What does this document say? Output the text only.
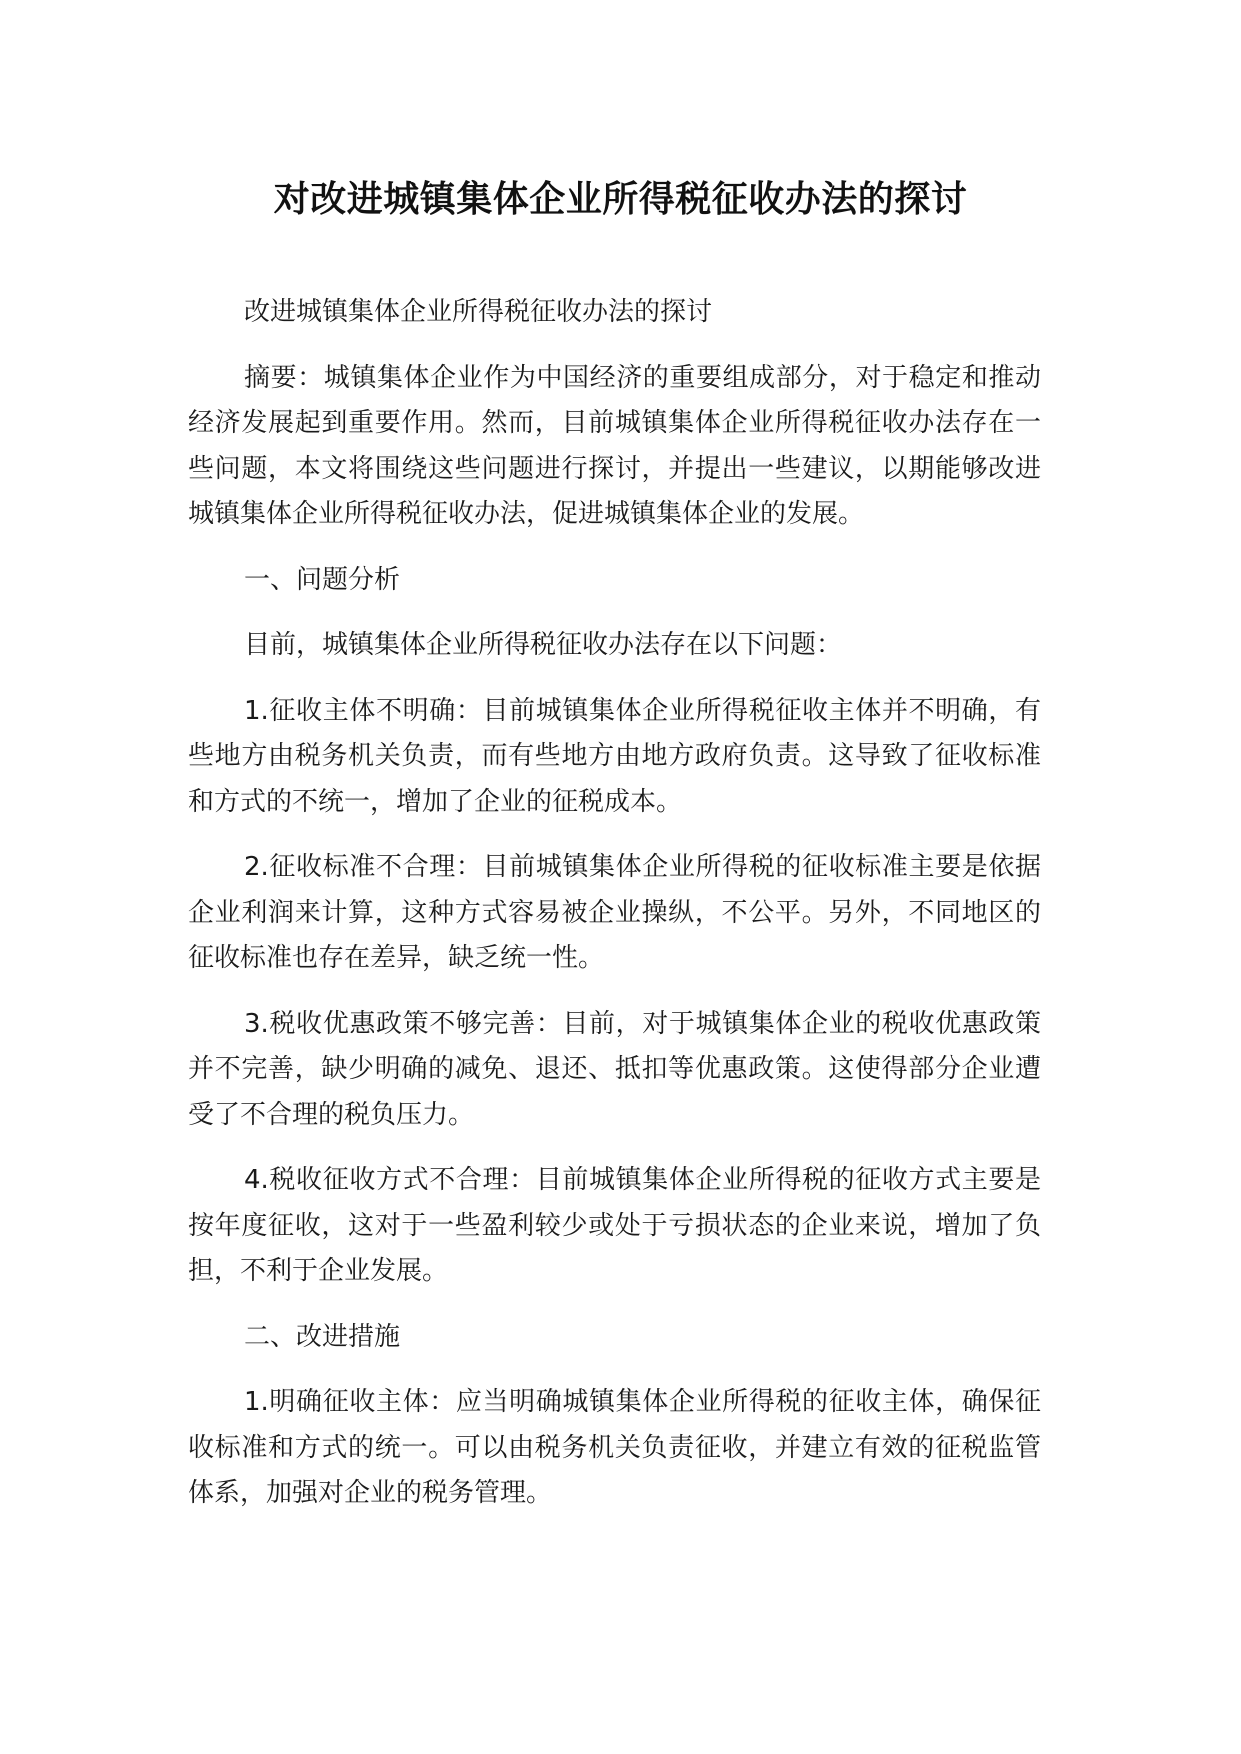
对改进城镇集体企业所得税征收办法的探讨

改进城镇集体企业所得税征收办法的探讨

摘要：城镇集体企业作为中国经济的重要组成部分，对于稳定和推动经济发展起到重要作用。然而，目前城镇集体企业所得税征收办法存在一些问题，本文将围绕这些问题进行探讨，并提出一些建议，以期能够改进城镇集体企业所得税征收办法，促进城镇集体企业的发展。

一、问题分析

目前，城镇集体企业所得税征收办法存在以下问题：

1.征收主体不明确：目前城镇集体企业所得税征收主体并不明确，有些地方由税务机关负责，而有些地方由地方政府负责。这导致了征收标准和方式的不统一，增加了企业的征税成本。

2.征收标准不合理：目前城镇集体企业所得税的征收标准主要是依据企业利润来计算，这种方式容易被企业操纵，不公平。另外，不同地区的征收标准也存在差异，缺乏统一性。

3.税收优惠政策不够完善：目前，对于城镇集体企业的税收优惠政策并不完善，缺少明确的减免、退还、抵扣等优惠政策。这使得部分企业遭受了不合理的税负压力。

4.税收征收方式不合理：目前城镇集体企业所得税的征收方式主要是按年度征收，这对于一些盈利较少或处于亏损状态的企业来说，增加了负担，不利于企业发展。

二、改进措施

1.明确征收主体：应当明确城镇集体企业所得税的征收主体，确保征收标准和方式的统一。可以由税务机关负责征收，并建立有效的征税监管体系，加强对企业的税务管理。
